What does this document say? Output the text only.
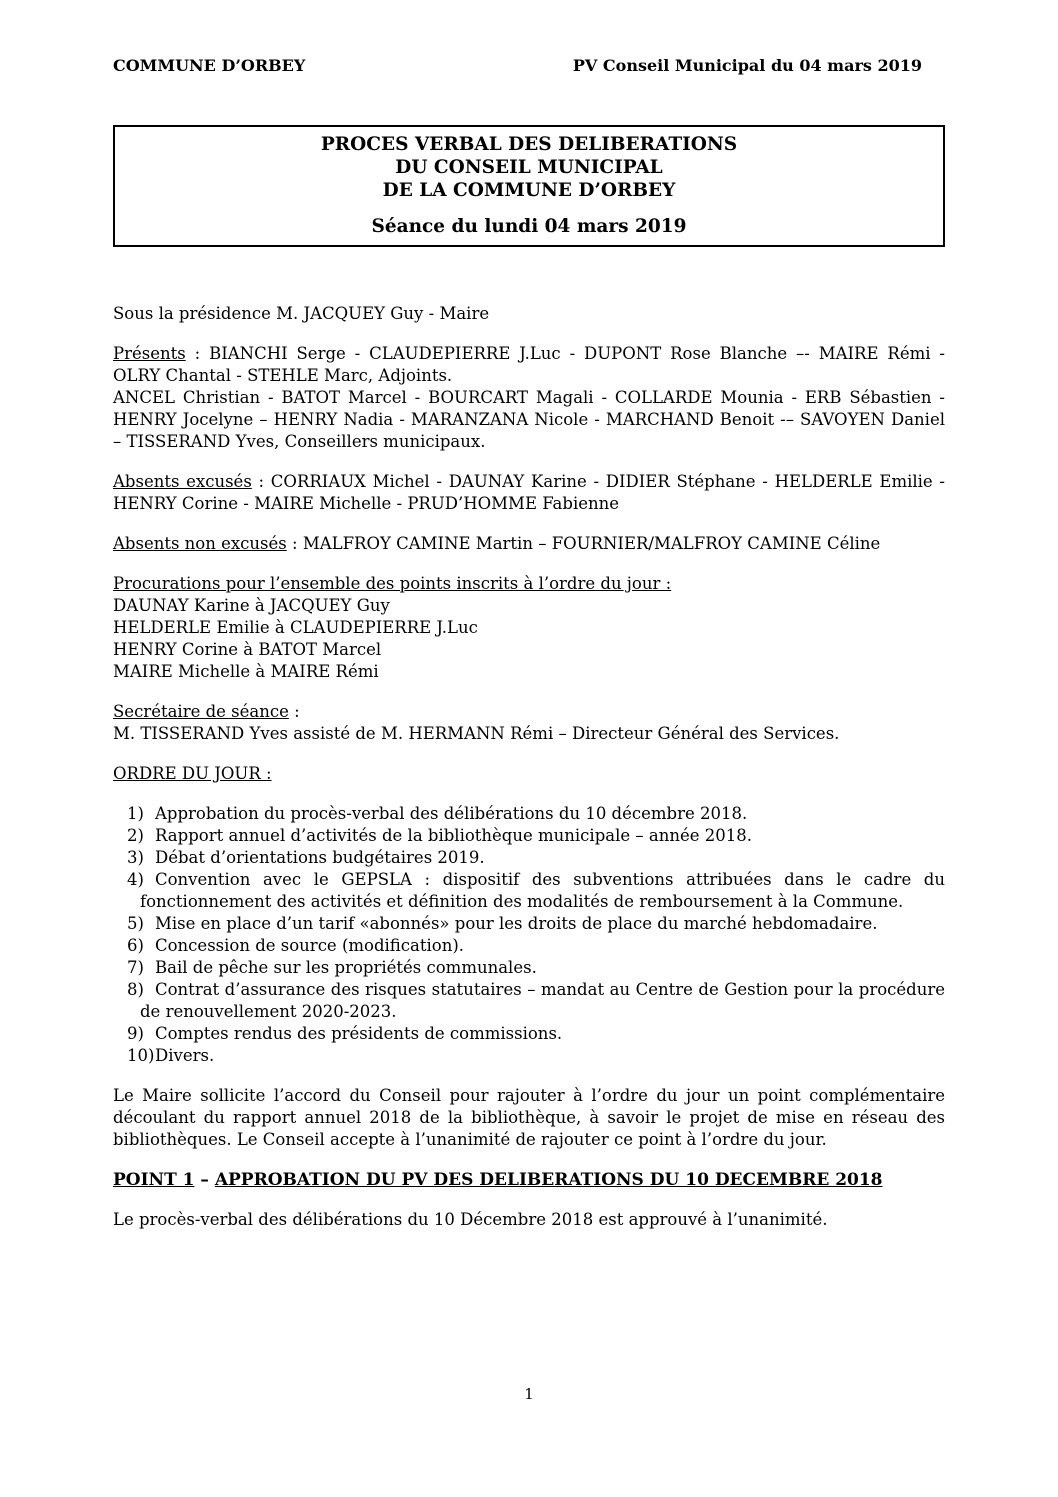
COMMUNE D’ORBEY	PV Conseil Municipal du 04 mars 2019
PROCES VERBAL DES DELIBERATIONS
DU CONSEIL MUNICIPAL
DE LA COMMUNE D’ORBEY
Séance du lundi 04 mars 2019

Sous la présidence M. JACQUEY Guy - Maire

Présents : BIANCHI Serge - CLAUDEPIERRE J.Luc - DUPONT Rose Blanche –- MAIRE Rémi - OLRY Chantal - STEHLE Marc, Adjoints.
ANCEL Christian - BATOT Marcel - BOURCART Magali - COLLARDE Mounia - ERB Sébastien - HENRY Jocelyne – HENRY Nadia - MARANZANA Nicole - MARCHAND Benoit -– SAVOYEN Daniel – TISSERAND Yves, Conseillers municipaux.

Absents excusés : CORRIAUX Michel - DAUNAY Karine - DIDIER Stéphane - HELDERLE Emilie - HENRY Corine - MAIRE Michelle - PRUD’HOMME Fabienne

Absents non excusés : MALFROY CAMINE Martin – FOURNIER/MALFROY CAMINE Céline

Procurations pour l’ensemble des points inscrits à l’ordre du jour :
DAUNAY Karine à JACQUEY Guy
HELDERLE Emilie à CLAUDEPIERRE J.Luc
HENRY Corine à BATOT Marcel
MAIRE Michelle à MAIRE Rémi

Secrétaire de séance :
M. TISSERAND Yves assisté de M. HERMANN Rémi – Directeur Général des Services.

ORDRE DU JOUR :

1) Approbation du procès-verbal des délibérations du 10 décembre 2018.
2) Rapport annuel d’activités de la bibliothèque municipale – année 2018.
3) Débat d’orientations budgétaires 2019.
4) Convention avec le GEPSLA : dispositif des subventions attribuées dans le cadre du fonctionnement des activités et définition des modalités de remboursement à la Commune.
5) Mise en place d’un tarif «abonnés» pour les droits de place du marché hebdomadaire.
6) Concession de source (modification).
7) Bail de pêche sur les propriétés communales.
8) Contrat d’assurance des risques statutaires – mandat au Centre de Gestion pour la procédure de renouvellement 2020-2023.
9) Comptes rendus des présidents de commissions.
10)Divers.

Le Maire sollicite l’accord du Conseil pour rajouter à l’ordre du jour un point complémentaire découlant du rapport annuel 2018 de la bibliothèque, à savoir le projet de mise en réseau des bibliothèques. Le Conseil accepte à l’unanimité de rajouter ce point à l’ordre du jour.

POINT 1 – APPROBATION DU PV DES DELIBERATIONS DU 10 DECEMBRE 2018

Le procès-verbal des délibérations du 10 Décembre 2018 est approuvé à l’unanimité.

1
